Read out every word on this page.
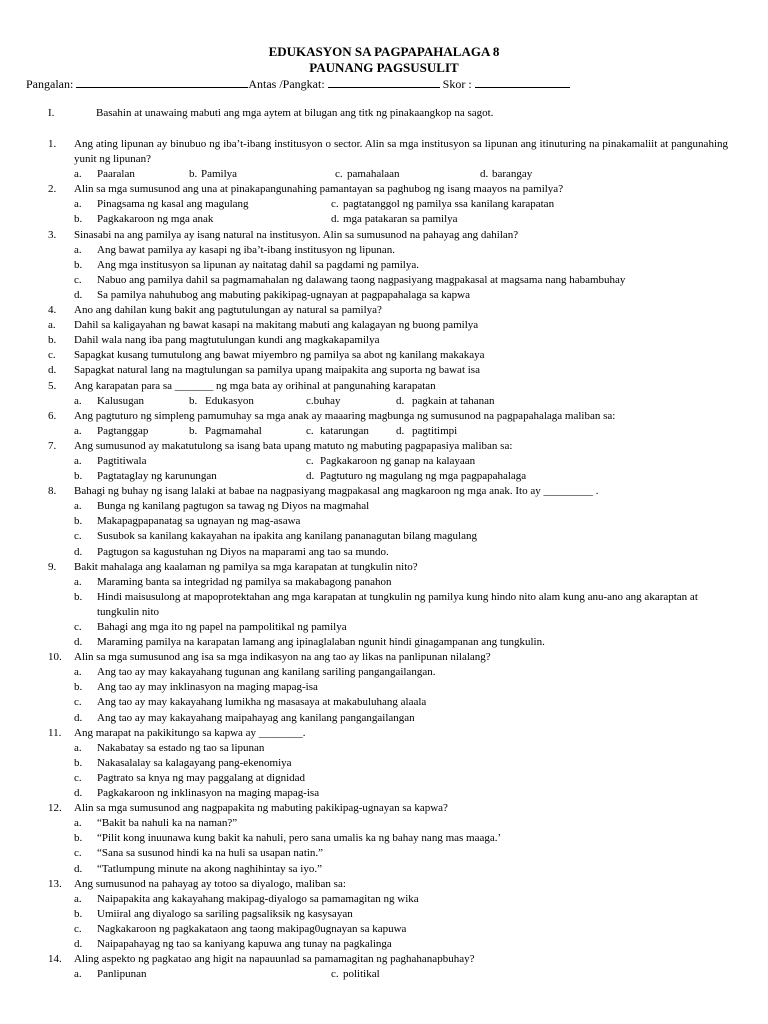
EDUKASYON SA PAGPAPAHALAGA 8
PAUNANG PAGSUSULIT
Pangalan:	Antas /Pangkat:	Skor :
I.	Basahin at unawaing mabuti ang mga aytem at bilugan ang titk ng pinakaangkop na sagot.
1.	Ang ating lipunan ay binubuo ng iba’t-ibang institusyon o sector. Alin sa mga institusyon sa lipunan ang itinuturing na pinakamaliit at pangunahing yunit ng lipunan?
a.	Paaralan	b. Pamilya	c. pamahalaan	d. barangay
2.	Alin sa mga sumusunod ang una at pinakapangunahing pamantayan sa paghubog ng isang maayos na pamilya?
a.	Pinagsama ng kasal ang magulang	c. pagtatanggol ng pamilya ssa kanilang karapatan
b.	Pagkakaroon ng mga anak	d. mga patakaran sa pamilya
3.	Sinasabi na ang pamilya ay isang natural na institusyon. Alin sa sumusunod na pahayag ang dahilan?
a.	Ang bawat pamilya ay kasapi ng iba’t-ibang institusyon ng lipunan.
b.	Ang mga institusyon sa lipunan ay naitatag dahil sa pagdami ng pamilya.
c.	Nabuo ang pamilya dahil sa pagmamahalan ng dalawang taong nagpasiyang magpakasal at magsama nang habambuhay
d.	Sa pamilya nahuhubog ang mabuting pakikipag-ugnayan at pagpapahalaga sa kapwa
4.	Ano ang dahilan kung bakit ang pagtutulungan ay natural sa pamilya?
a.	Dahil sa kaligayahan ng bawat kasapi na makitang mabuti ang kalagayan ng buong pamilya
b.	Dahil wala nang iba pang magtutulungan kundi ang magkakapamilya
c.	Sapagkat kusang tumutulong ang bawat miyembro ng pamilya sa abot ng kanilang makakaya
d.	Sapagkat natural lang na magtulungan sa pamilya upang maipakita ang suporta ng bawat isa
5.	Ang karapatan para sa _______ ng mga bata ay orihinal at pangunahing karapatan
a.	Kalusugan	b. Edukasyon	c.buhay	d. pagkain at tahanan
6.	Ang pagtuturo ng simpleng pamumuhay sa mga anak ay maaaring magbunga ng sumusunod na pagpapahalaga maliban sa:
a.	Pagtanggap	b. Pagmamahal	c. katarungan d. pagtitimpi
7.	Ang sumusunod ay makatutulong sa isang bata upang matuto ng mabuting pagpapasiya maliban sa:
a.	Pagtitiwala	c. Pagkakaroon ng ganap na kalayaan
b.	Pagtataglay ng karunungan	d. Pagtuturo ng magulang ng mga pagpapahalaga
8.	Bahagi ng buhay ng isang lalaki at babae na nagpasiyang magpakasal ang magkaroon ng mga anak. Ito ay _________ .
a.	Bunga ng kanilang pagtugon sa tawag ng Diyos na magmahal
b.	Makapagpapanatag sa ugnayan ng mag-asawa
c.	Susubok sa kanilang kakayahan na ipakita ang kanilang pananagutan bilang magulang
d.	Pagtugon sa kagustuhan ng Diyos na maparami ang tao sa mundo.
9.	Bakit mahalaga ang kaalaman ng pamilya sa mga karapatan at tungkulin nito?
a.	Maraming banta sa integridad ng pamilya sa makabagong panahon
b.	Hindi maisusulong at mapoprotektahan ang mga karapatan at tungkulin ng pamilya kung hindo nito alam kung anu-ano ang akaraptan at tungkulin nito
c.	Bahagi ang mga ito ng papel na pampolitikal ng pamilya
d.	Maraming pamilya na karapatan lamang ang ipinaglalaban ngunit hindi ginagampanan ang tungkulin.
10.	Alin sa mga sumusunod ang isa sa mga indikasyon na ang tao ay likas na panlipunan nilalang?
a.	Ang tao ay may kakayahang tugunan ang kanilang sariling pangangailangan.
b.	Ang tao ay may inklinasyon na maging mapag-isa
c.	Ang tao ay may kakayahang lumikha ng masasaya at makabuluhang alaala
d.	Ang tao ay may kakayahang maipahayag ang kanilang pangangailangan
11.	Ang marapat na pakikitungo sa kapwa ay ________.
a.	Nakabatay sa estado ng tao sa lipunan
b.	Nakasalalay sa kalagayang pang-ekenomiya
c.	Pagtrato sa knya ng may paggalang at dignidad
d.	Pagkakaroon ng inklinasyon na maging mapag-isa
12.	Alin sa mga sumusunod ang nagpapakita ng mabuting pakikipag-ugnayan sa kapwa?
a.	“Bakit ba nahuli ka na naman?”
b.	“Pilit kong inuunawa kung bakit ka nahuli, pero sana umalis ka ng bahay nang mas maaga.’
c.	“Sana sa susunod hindi ka na huli sa usapan natin.”
d.	“Tatlumpung minute na akong naghihintay sa iyo.”
13.	Ang sumusunod na pahayag ay totoo sa diyalogo, maliban sa:
a.	Naipapakita ang kakayahang makipag-diyalogo sa pamamagitan ng wika
b.	Umiiral ang diyalogo sa sariling pagsaliksik ng kasysayan
c.	Nagkakaroon ng pagkakataon ang taong makipag0ugnayan sa kapuwa
d.	Naipapahayag ng tao sa kaniyang kapuwa ang tunay na pagkalinga
14.	Aling aspekto ng pagkatao ang higit na napauunlad sa pamamagitan ng paghahanapbuhay?
a.	Panlipunan	c. politikal
